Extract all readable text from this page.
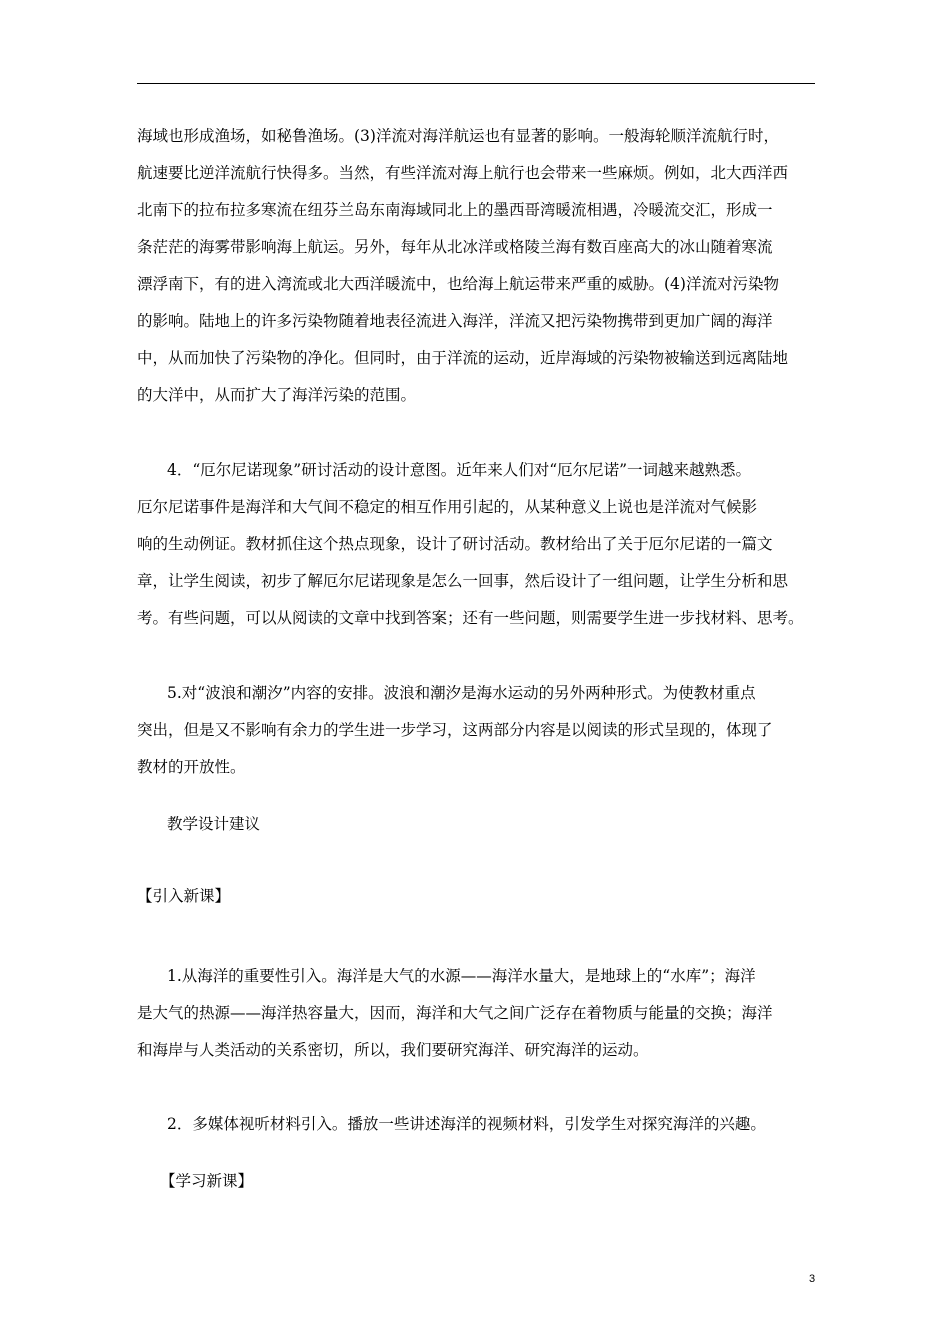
海域也形成渔场，如秘鲁渔场。(3)洋流对海洋航运也有显著的影响。一般海轮顺洋流航行时，
航速要比逆洋流航行快得多。当然，有些洋流对海上航行也会带来一些麻烦。例如，北大西洋西
北南下的拉布拉多寒流在纽芬兰岛东南海域同北上的墨西哥湾暖流相遇，冷暖流交汇，形成一
条茫茫的海雾带影响海上航运。另外，每年从北冰洋或格陵兰海有数百座高大的冰山随着寒流
漂浮南下，有的进入湾流或北大西洋暖流中，也给海上航运带来严重的威胁。(4)洋流对污染物
的影响。陆地上的许多污染物随着地表径流进入海洋，洋流又把污染物携带到更加广阔的海洋
中，从而加快了污染物的净化。但同时，由于洋流的运动，近岸海域的污染物被输送到远离陆地
的大洋中，从而扩大了海洋污染的范围。
4．“厄尔尼诺现象”研讨活动的设计意图。近年来人们对“厄尔尼诺”一词越来越熟悉。
厄尔尼诺事件是海洋和大气间不稳定的相互作用引起的，从某种意义上说也是洋流对气候影
响的生动例证。教材抓住这个热点现象，设计了研讨活动。教材给出了关于厄尔尼诺的一篇文
章，让学生阅读，初步了解厄尔尼诺现象是怎么一回事，然后设计了一组问题，让学生分析和思
考。有些问题，可以从阅读的文章中找到答案；还有一些问题，则需要学生进一步找材料、思考。
5.对“波浪和潮汐”内容的安排。波浪和潮汐是海水运动的另外两种形式。为使教材重点
突出，但是又不影响有余力的学生进一步学习，这两部分内容是以阅读的形式呈现的，体现了
教材的开放性。
教学设计建议
【引入新课】
1.从海洋的重要性引入。海洋是大气的水源——海洋水量大，是地球上的“水库”；海洋
是大气的热源——海洋热容量大，因而，海洋和大气之间广泛存在着物质与能量的交换；海洋
和海岸与人类活动的关系密切，所以，我们要研究海洋、研究海洋的运动。
2．多媒体视听材料引入。播放一些讲述海洋的视频材料，引发学生对探究海洋的兴趣。
【学习新课】
3
